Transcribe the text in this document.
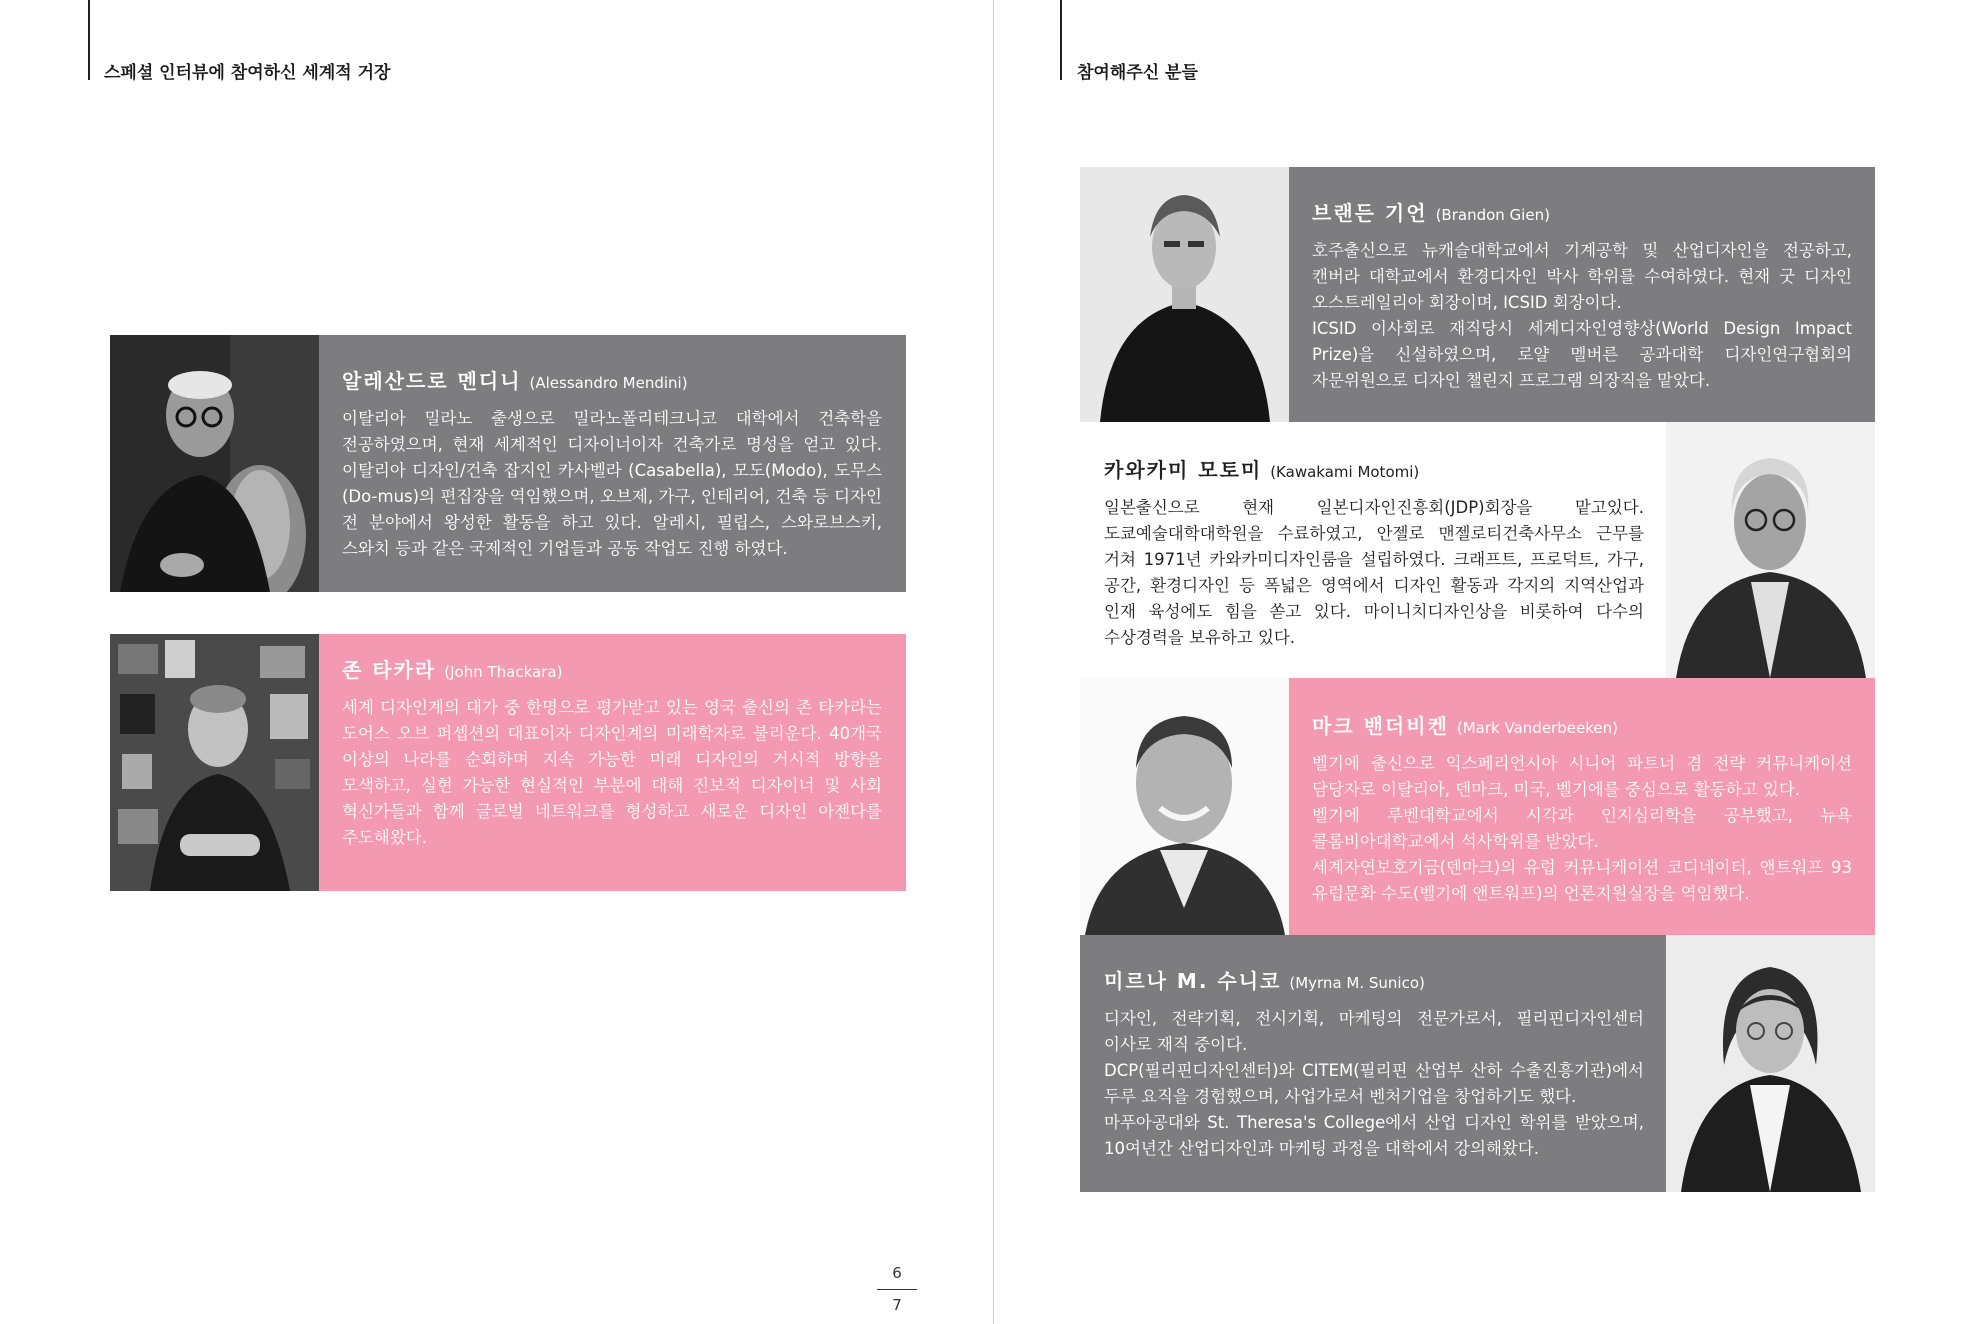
스페셜 인터뷰에 참여하신 세계적 거장	참여해주신 분들
알레산드로 멘디니 (Alessandro Mendini)
이탈리아 밀라노 출생으로 밀라노폴리테크니코 대학에서 건축학을 전공하였으며, 현재 세계적인 디자이너이자 건축가로 명성을 얻고 있다. 이탈리아 디자인/건축 잡지인 카사벨라 (Casabella), 모도(Modo), 도무스(Do-mus)의 편집장을 역임했으며, 오브제, 가구, 인테리어, 건축 등 디자인 전 분야에서 왕성한 활동을 하고 있다. 알레시, 필립스, 스와로브스키, 스와치 등과 같은 국제적인 기업들과 공동 작업도 진행 하였다.
존 타카라 (John Thackara)
세계 디자인계의 대가 중 한명으로 평가받고 있는 영국 출신의 존 타카라는 도어스 오브 퍼셉션의 대표이자 디자인계의 미래학자로 불리운다. 40개국 이상의 나라를 순회하며 지속 가능한 미래 디자인의 거시적 방향을 모색하고, 실현 가능한 현실적인 부분에 대해 진보적 디자이너 및 사회 혁신가들과 함께 글로벌 네트워크를 형성하고 새로운 디자인 아젠다를 주도해왔다.
브랜든 기언 (Brandon Gien)
호주출신으로 뉴캐슬대학교에서 기계공학 및 산업디자인을 전공하고, 캔버라 대학교에서 환경디자인 박사 학위를 수여하였다. 현재 굿 디자인 오스트레일리아 회장이며, ICSID 회장이다.
ICSID 이사회로 재직당시 세계디자인영향상(World Design Impact Prize)을 신설하였으며, 로얄 멜버른 공과대학 디자인연구협회의 자문위원으로 디자인 챌린지 프로그램 의장직을 맡았다.
카와카미 모토미 (Kawakami Motomi)
일본출신으로 현재 일본디자인진흥회(JDP)회장을 맡고있다. 도쿄예술대학대학원을 수료하였고, 안젤로 맨젤로티건축사무소 근무를 거쳐 1971년 카와카미디자인룸을 설립하였다. 크래프트, 프로덕트, 가구, 공간, 환경디자인 등 폭넓은 영역에서 디자인 활동과 각지의 지역산업과 인재 육성에도 힘을 쏟고 있다. 마이니치디자인상을 비롯하여 다수의 수상경력을 보유하고 있다.
마크 밴더비켄 (Mark Vanderbeeken)
벨기에 출신으로 익스페리언시아 시니어 파트너 겸 전략 커뮤니케이션 담당자로 이탈리아, 덴마크, 미국, 벨기에를 중심으로 활동하고 있다.
벨기에 루벤대학교에서 시각과 인지심리학을 공부했고, 뉴욕 콜롬비아대학교에서 석사학위를 받았다.
세계자연보호기금(덴마크)의 유럽 커뮤니케이션 코디네이터, 앤트워프 93 유럽문화 수도(벨기에 앤트워프)의 언론지원실장을 역임했다.
미르나 M. 수니코 (Myrna M. Sunico)
디자인, 전략기획, 전시기획, 마케팅의 전문가로서, 필리핀디자인센터 이사로 재직 중이다.
DCP(필리핀디자인센터)와 CITEM(필리핀 산업부 산하 수출진흥기관)에서 두루 요직을 경험했으며, 사업가로서 벤처기업을 창업하기도 했다.
마푸아공대와 St. Theresa's College에서 산업 디자인 학위를 받았으며, 10여년간 산업디자인과 마케팅 과정을 대학에서 강의해왔다.
6
7
